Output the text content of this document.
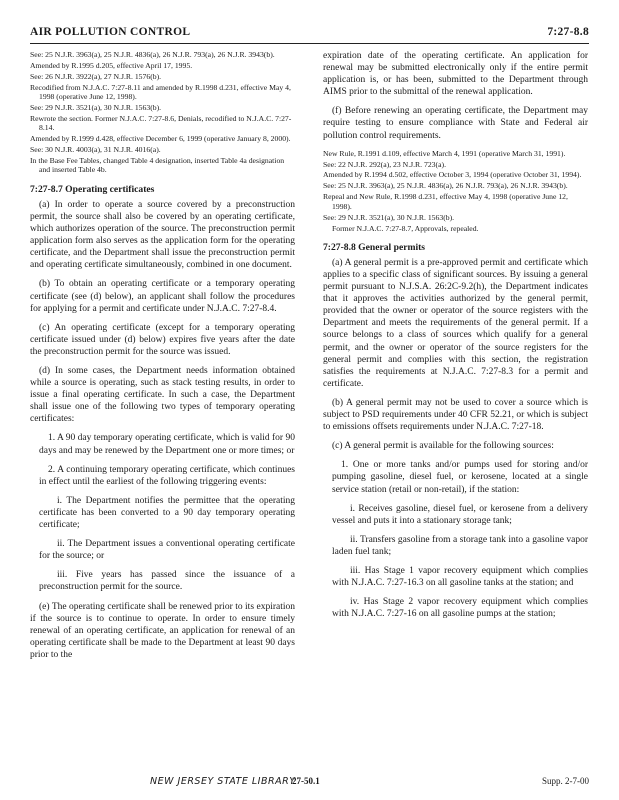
AIR POLLUTION CONTROL	7:27-8.8
See: 25 N.J.R. 3963(a), 25 N.J.R. 4836(a), 26 N.J.R. 793(a), 26 N.J.R. 3943(b).
Amended by R.1995 d.205, effective April 17, 1995.
See: 26 N.J.R. 3922(a), 27 N.J.R. 1576(b).
Recodified from N.J.A.C. 7:27-8.11 and amended by R.1998 d.231, effective May 4, 1998 (operative June 12, 1998).
See: 29 N.J.R. 3521(a), 30 N.J.R. 1563(b).
Rewrote the section. Former N.J.A.C. 7:27-8.6, Denials, recodified to N.J.A.C. 7:27-8.14.
Amended by R.1999 d.428, effective December 6, 1999 (operative January 8, 2000).
See: 30 N.J.R. 4003(a), 31 N.J.R. 4016(a).
In the Base Fee Tables, changed Table 4 designation, inserted Table 4a designation and inserted Table 4b.
7:27-8.7 Operating certificates

(a) In order to operate a source covered by a preconstruction permit, the source shall also be covered by an operating certificate, which authorizes operation of the source. The preconstruction permit application form also serves as the application form for the operating certificate, and the Department shall issue the preconstruction permit and operating certificate simultaneously, combined in one document.

(b) To obtain an operating certificate or a temporary operating certificate (see (d) below), an applicant shall follow the procedures for applying for a permit and certificate under N.J.A.C. 7:27-8.4.

(c) An operating certificate (except for a temporary operating certificate issued under (d) below) expires five years after the date the preconstruction permit for the source was issued.

(d) In some cases, the Department needs information obtained while a source is operating, such as stack testing results, in order to issue a final operating certificate. In such a case, the Department shall issue one of the following two types of temporary operating certificates:

1. A 90 day temporary operating certificate, which is valid for 90 days and may be renewed by the Department one or more times; or

2. A continuing temporary operating certificate, which continues in effect until the earliest of the following triggering events:

i. The Department notifies the permittee that the operating certificate has been converted to a 90 day temporary operating certificate;

ii. The Department issues a conventional operating certificate for the source; or

iii. Five years has passed since the issuance of a preconstruction permit for the source.

(e) The operating certificate shall be renewed prior to its expiration if the source is to continue to operate. In order to ensure timely renewal of an operating certificate, an application for renewal of an operating certificate shall be made to the Department at least 90 days prior to the

expiration date of the operating certificate. An application for renewal may be submitted electronically only if the entire permit application is, or has been, submitted to the Department through AIMS prior to the submittal of the renewal application.

(f) Before renewing an operating certificate, the Department may require testing to ensure compliance with State and Federal air pollution control requirements.

New Rule, R.1991 d.109, effective March 4, 1991 (operative March 31, 1991).
See: 22 N.J.R. 292(a), 23 N.J.R. 723(a).
Amended by R.1994 d.502, effective October 3, 1994 (operative October 31, 1994).
See: 25 N.J.R. 3963(a), 25 N.J.R. 4836(a), 26 N.J.R. 793(a), 26 N.J.R. 3943(b).
Repeal and New Rule, R.1998 d.231, effective May 4, 1998 (operative June 12, 1998).
See: 29 N.J.R. 3521(a), 30 N.J.R. 1563(b).
Former N.J.A.C. 7:27-8.7, Approvals, repealed.
7:27-8.8 General permits

(a) A general permit is a pre-approved permit and certificate which applies to a specific class of significant sources. By issuing a general permit pursuant to N.J.S.A. 26:2C-9.2(h), the Department indicates that it approves the activities authorized by the general permit, provided that the owner or operator of the source registers with the Department and meets the requirements of the general permit. If a source belongs to a class of sources which qualify for a general permit, and the owner or operator of the source registers for the general permit and complies with this section, the registration satisfies the requirements at N.J.A.C. 7:27-8.3 for a permit and certificate.

(b) A general permit may not be used to cover a source which is subject to PSD requirements under 40 CFR 52.21, or which is subject to emissions offsets requirements under N.J.A.C. 7:27-18.

(c) A general permit is available for the following sources:

1. One or more tanks and/or pumps used for storing and/or pumping gasoline, diesel fuel, or kerosene, located at a single service station (retail or non-retail), if the station:

i. Receives gasoline, diesel fuel, or kerosene from a delivery vessel and puts it into a stationary storage tank;

ii. Transfers gasoline from a storage tank into a gasoline vapor laden fuel tank;

iii. Has Stage 1 vapor recovery equipment which complies with N.J.A.C. 7:27-16.3 on all gasoline tanks at the station; and

iv. Has Stage 2 vapor recovery equipment which complies with N.J.A.C. 7:27-16 on all gasoline pumps at the station;

NEW JERSEY STATE LIBRARY
27-50.1	Supp. 2-7-00
